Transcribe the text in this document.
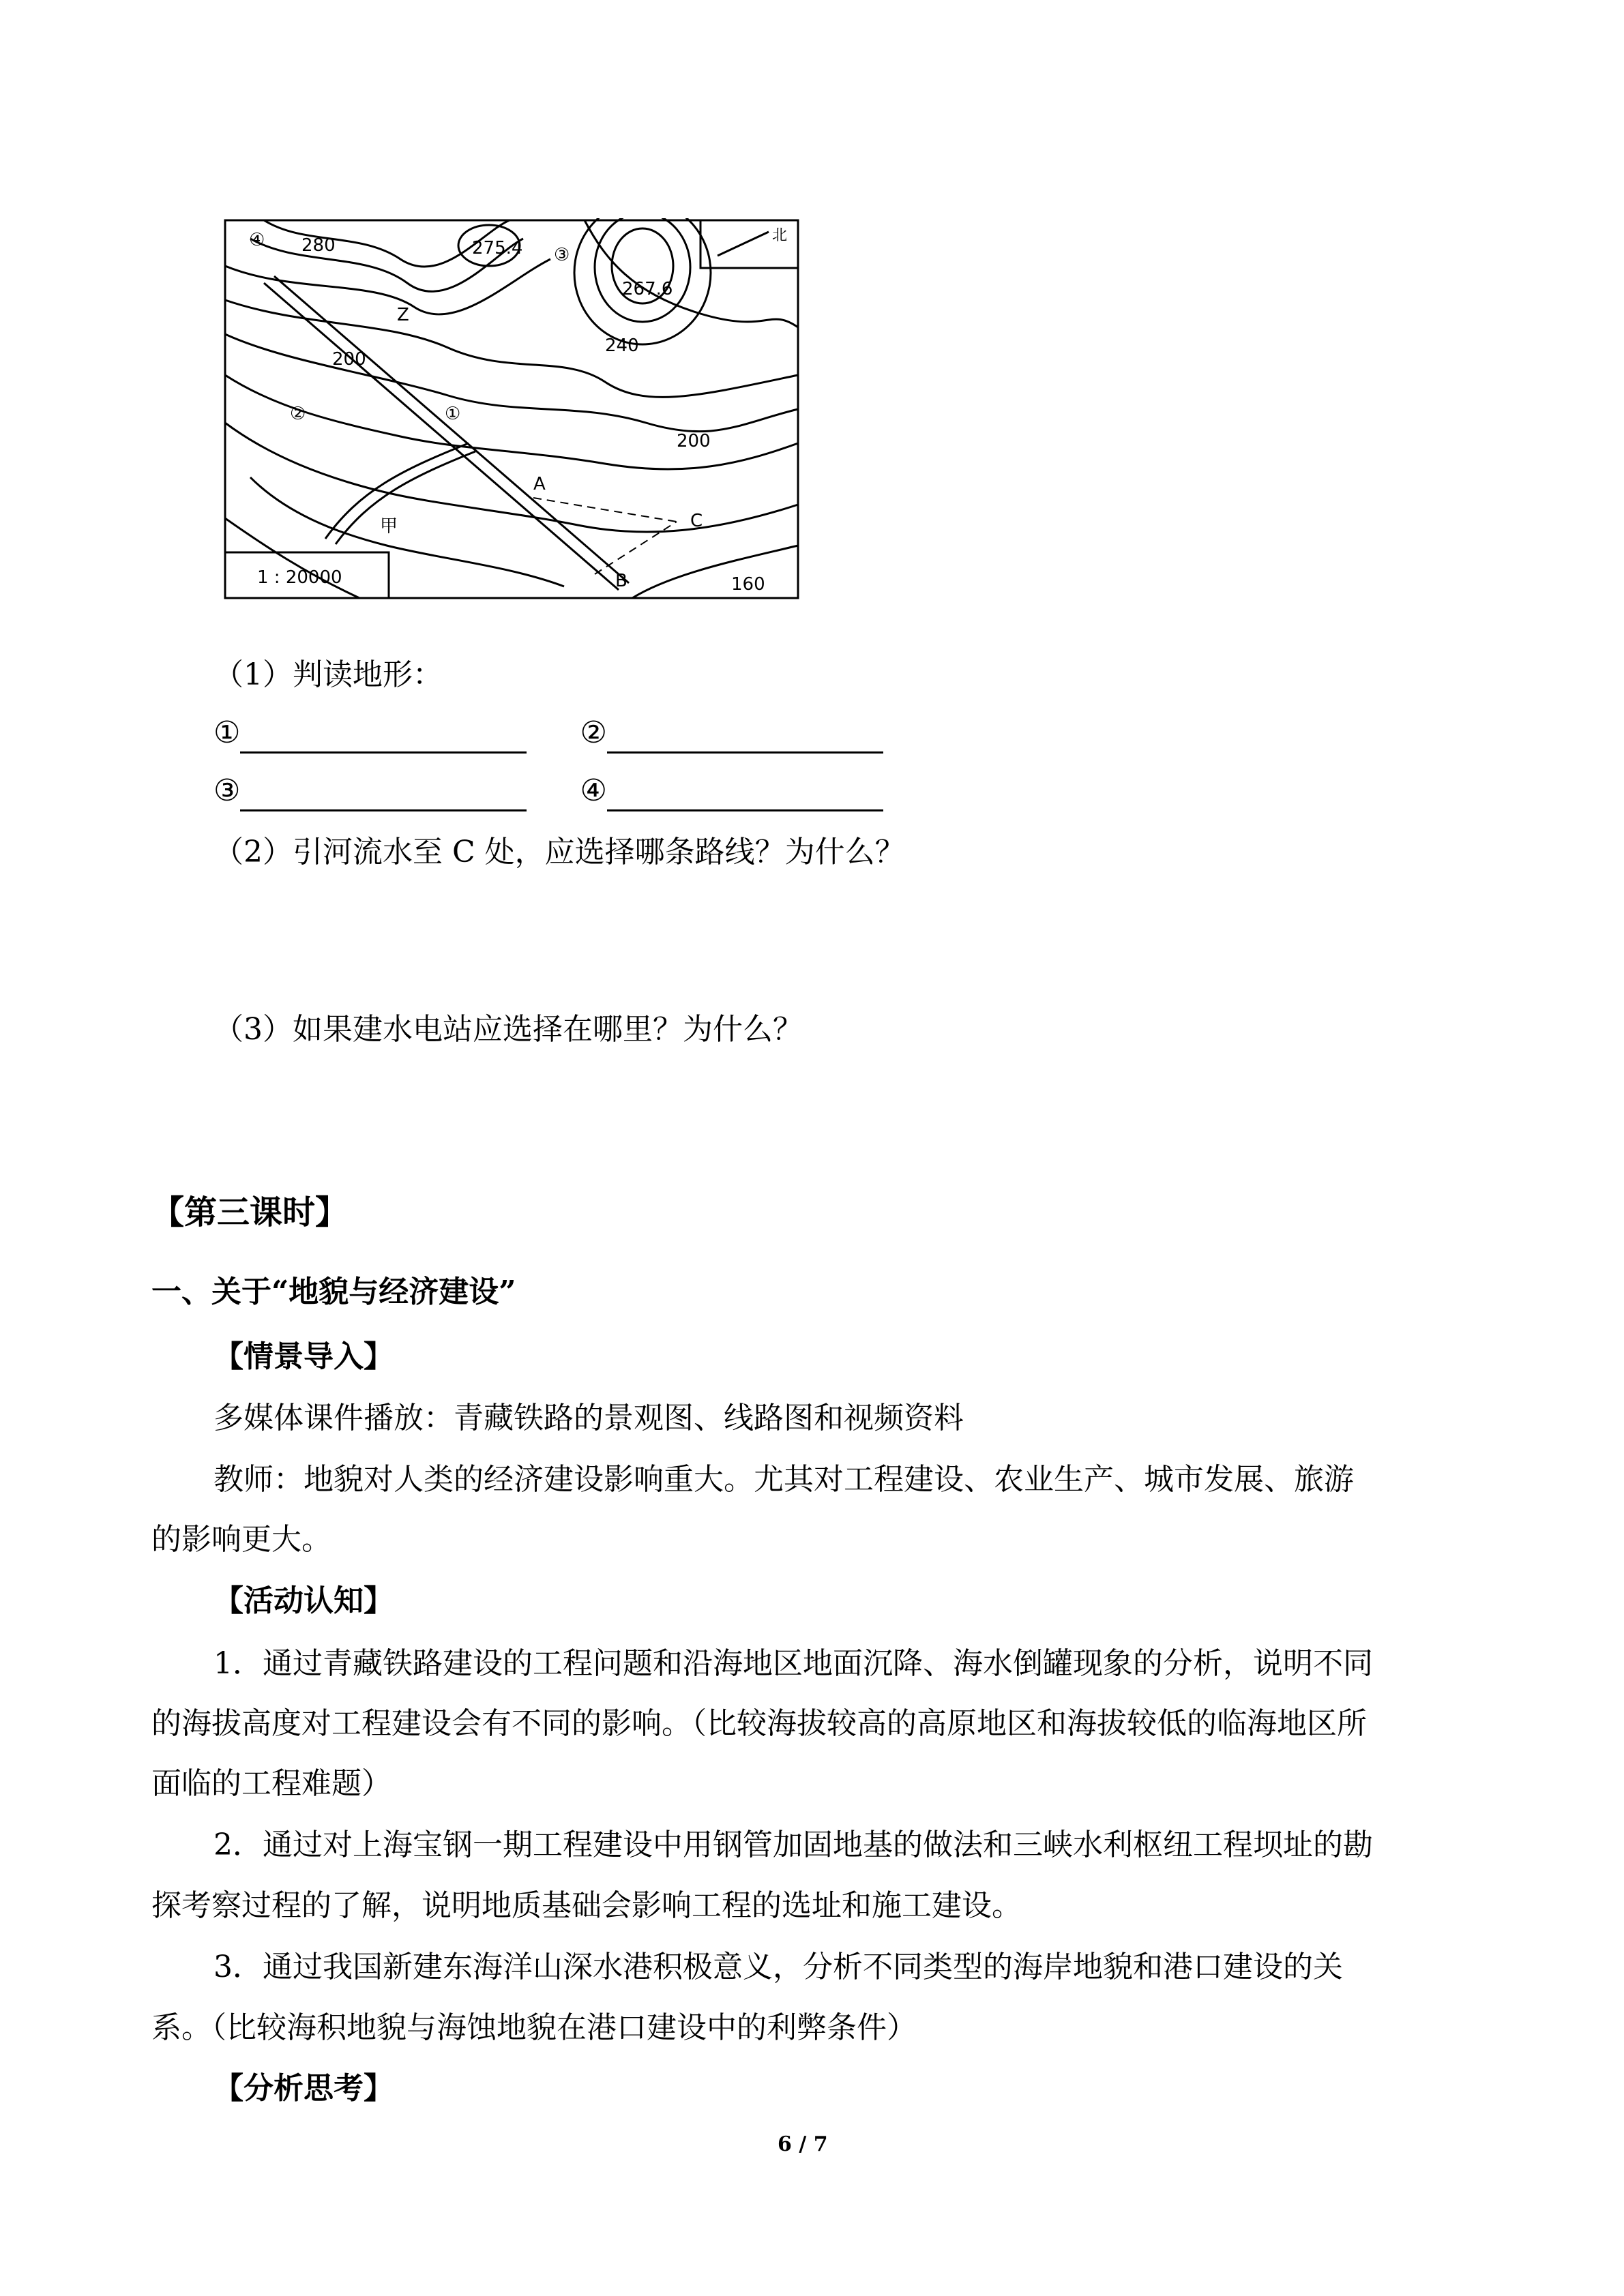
④ 280	275.4 ③
267.6
240
Z
200
②	①
200
A
C
甲
B	160
北
1 : 20000
（1）判读地形：
①	②
③	④
（2）引河流水至 C 处，应选择哪条路线？为什么？
（3）如果建水电站应选择在哪里？为什么？
【第三课时】
一、关于“地貌与经济建设”
【情景导入】
多媒体课件播放：青藏铁路的景观图、线路图和视频资料
教师：地貌对人类的经济建设影响重大。尤其对工程建设、农业生产、城市发展、旅游
的影响更大。
【活动认知】
1．通过青藏铁路建设的工程问题和沿海地区地面沉降、海水倒罐现象的分析，说明不同
的海拔高度对工程建设会有不同的影响。（比较海拔较高的高原地区和海拔较低的临海地区所
面临的工程难题）
2．通过对上海宝钢一期工程建设中用钢管加固地基的做法和三峡水利枢纽工程坝址的勘
探考察过程的了解，说明地质基础会影响工程的选址和施工建设。
3．通过我国新建东海洋山深水港积极意义，分析不同类型的海岸地貌和港口建设的关
系。（比较海积地貌与海蚀地貌在港口建设中的利弊条件）
【分析思考】
6 / 7
